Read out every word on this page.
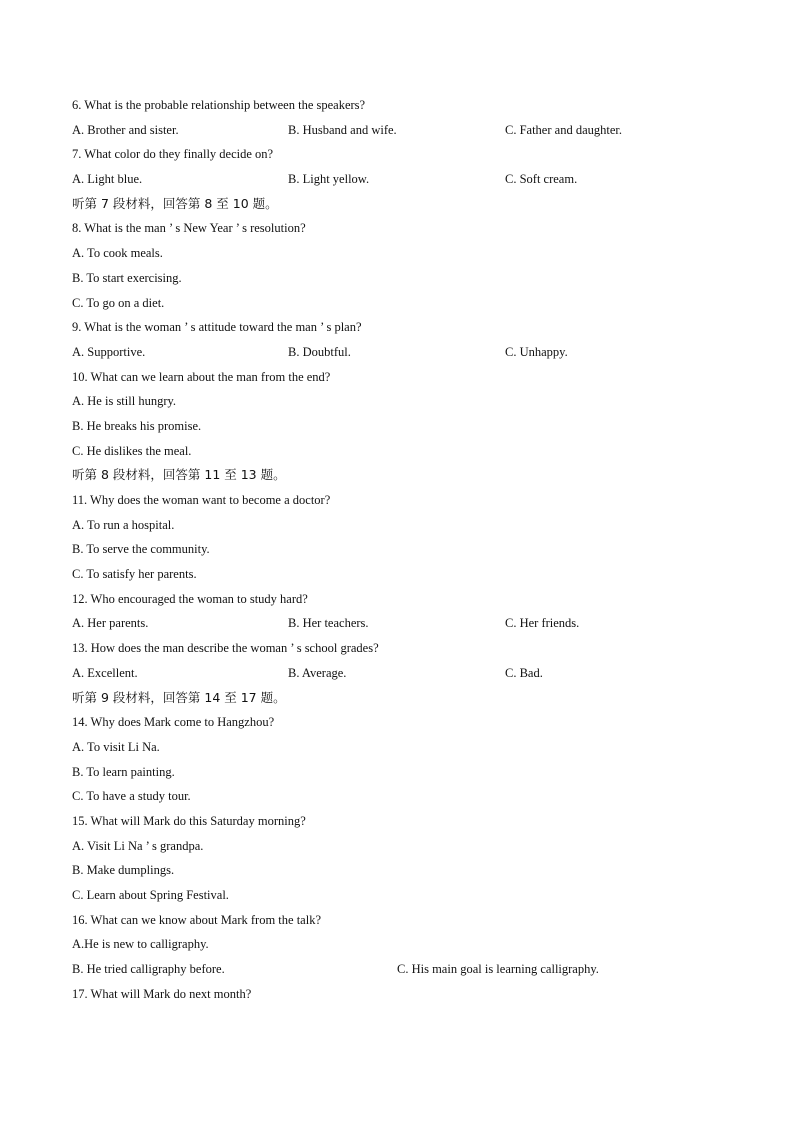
6. What is the probable relationship between the speakers?
A. Brother and sister.	B. Husband and wife.	C. Father and daughter.
7. What color do they finally decide on?
A. Light blue.	B. Light yellow.	C. Soft cream.
听第 7 段材料，回答第 8 至 10 题。
8. What is the man ’ s New Year ’ s resolution?
A. To cook meals.
B. To start exercising.
C. To go on a diet.
9. What is the woman ’ s attitude toward the man ’ s plan?
A. Supportive.	B. Doubtful.	C. Unhappy.
10. What can we learn about the man from the end?
A. He is still hungry.
B. He breaks his promise.
C. He dislikes the meal.
听第 8 段材料，回答第 11 至 13 题。
11. Why does the woman want to become a doctor?
A. To run a hospital.
B. To serve the community.
C. To satisfy her parents.
12. Who encouraged the woman to study hard?
A. Her parents.	B. Her teachers.	C. Her friends.
13. How does the man describe the woman ’ s school grades?
A. Excellent.	B. Average.	C. Bad.
听第 9 段材料，回答第 14 至 17 题。
14. Why does Mark come to Hangzhou?
A. To visit Li Na.
B. To learn painting.
C. To have a study tour.
15. What will Mark do this Saturday morning?
A. Visit Li Na ’ s grandpa.
B. Make dumplings.
C. Learn about Spring Festival.
16. What can we know about Mark from the talk?
A.He is new to calligraphy.
B. He tried calligraphy before.	C. His main goal is learning calligraphy.
17. What will Mark do next month?
